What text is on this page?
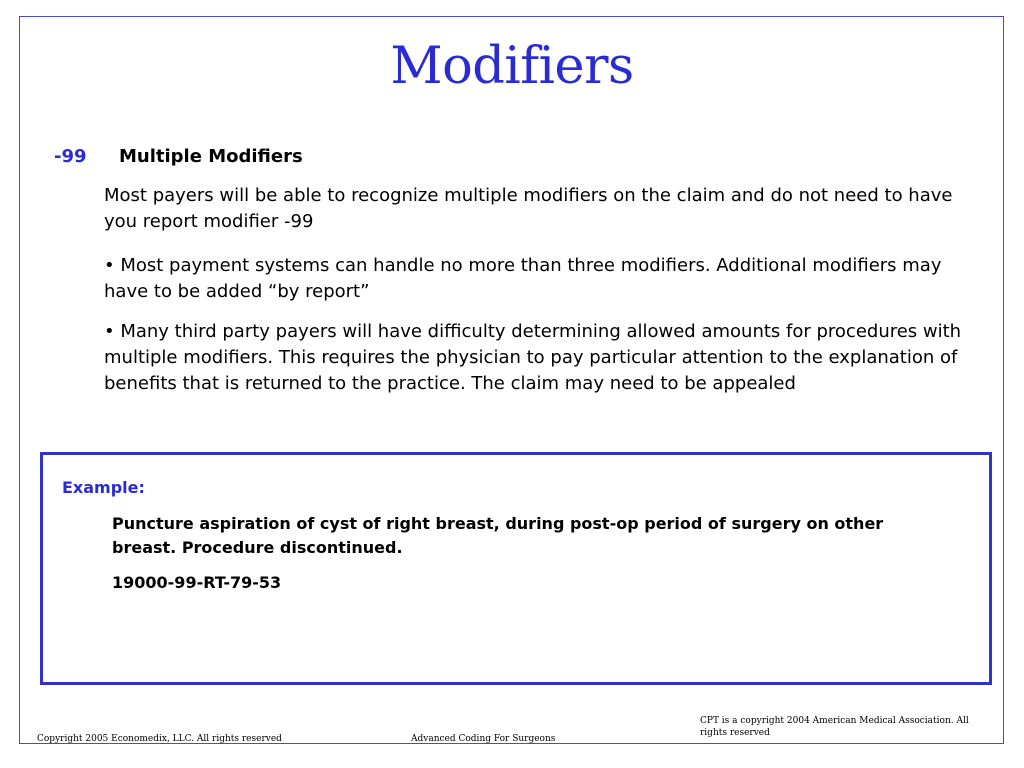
Modifiers
-99 Multiple Modifiers
Most payers will be able to recognize multiple modifiers on the claim and do not need to have you report modifier -99
• Most payment systems can handle no more than three modifiers. Additional modifiers may have to be added “by report”
• Many third party payers will have difficulty determining allowed amounts for procedures with multiple modifiers. This requires the physician to pay particular attention to the explanation of benefits that is returned to the practice. The claim may need to be appealed
Example:
Puncture aspiration of cyst of right breast, during post-op period of surgery on other breast. Procedure discontinued.
19000-99-RT-79-53
Copyright 2005 Economedix, LLC. All rights reserved	Advanced Coding For Surgeons
CPT is a copyright 2004 American Medical Association. All rights reserved
